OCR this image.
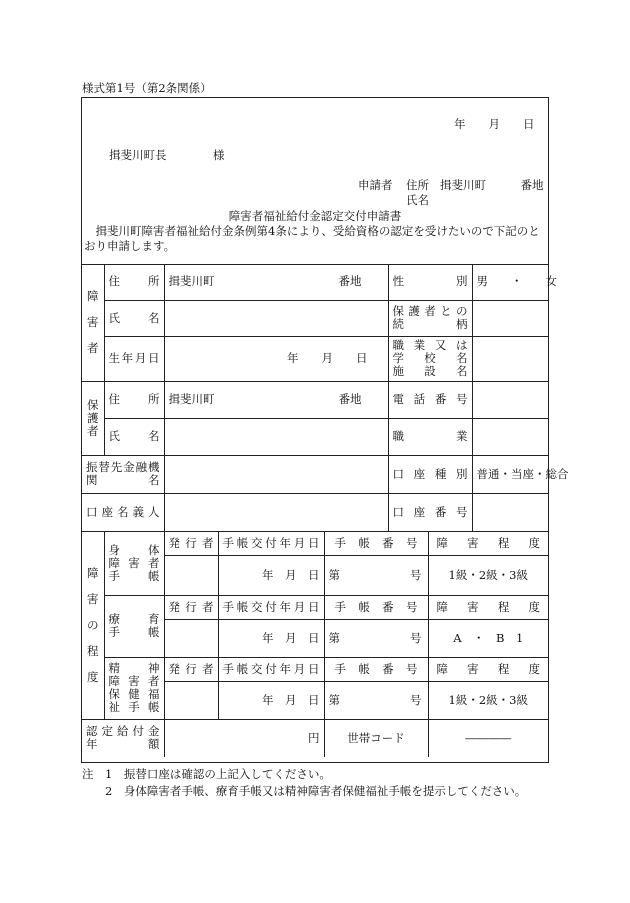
様式第1号（第2条関係）
年　　月　　日
揖斐川町長	様
申請者 住所 揖斐川町　　　番地
氏名
障害者福祉給付金認定交付申請書
　揖斐川町障害者福祉給付金条例第4条により、受給資格の認定を受けたいので下記のと
おり申請します。
障

害

者	住　　所	揖斐川町 番地			性　　　　別		男　　・　　女
	氏　　名				保護者との
続　　　柄		
	生年月日	年　　月　　日			職業又は
学校名
施設名		
保
護
者	住　　所	揖斐川町 番地			電話番号		
	氏　　名				職　　業		
振替先金融機
関名					口座種別		普通・当座・総合
口座名義人					口座番号		
障

害

の

程

度	身体
障害者
手帳	発行者	手帳交付年月日	手帳番号		障害程度	
			年　月　日	第 号		1級・2級・3級	
	療育
手帳	発行者	手帳交付年月日	手帳番号		障害程度	
			年　月　日	第 号		A　・　B　1	
	精神
障害者
保健福
祉手帳	発行者	手帳交付年月日	手帳番号		障害程度	
			年　月　日	第 号		1級・2級・3級	
認定給付金
年　　　額		円		世帯コード		――――	
注　1　振替口座は確認の上記入してください。
　　2　身体障害者手帳、療育手帳又は精神障害者保健福祉手帳を提示してください。
